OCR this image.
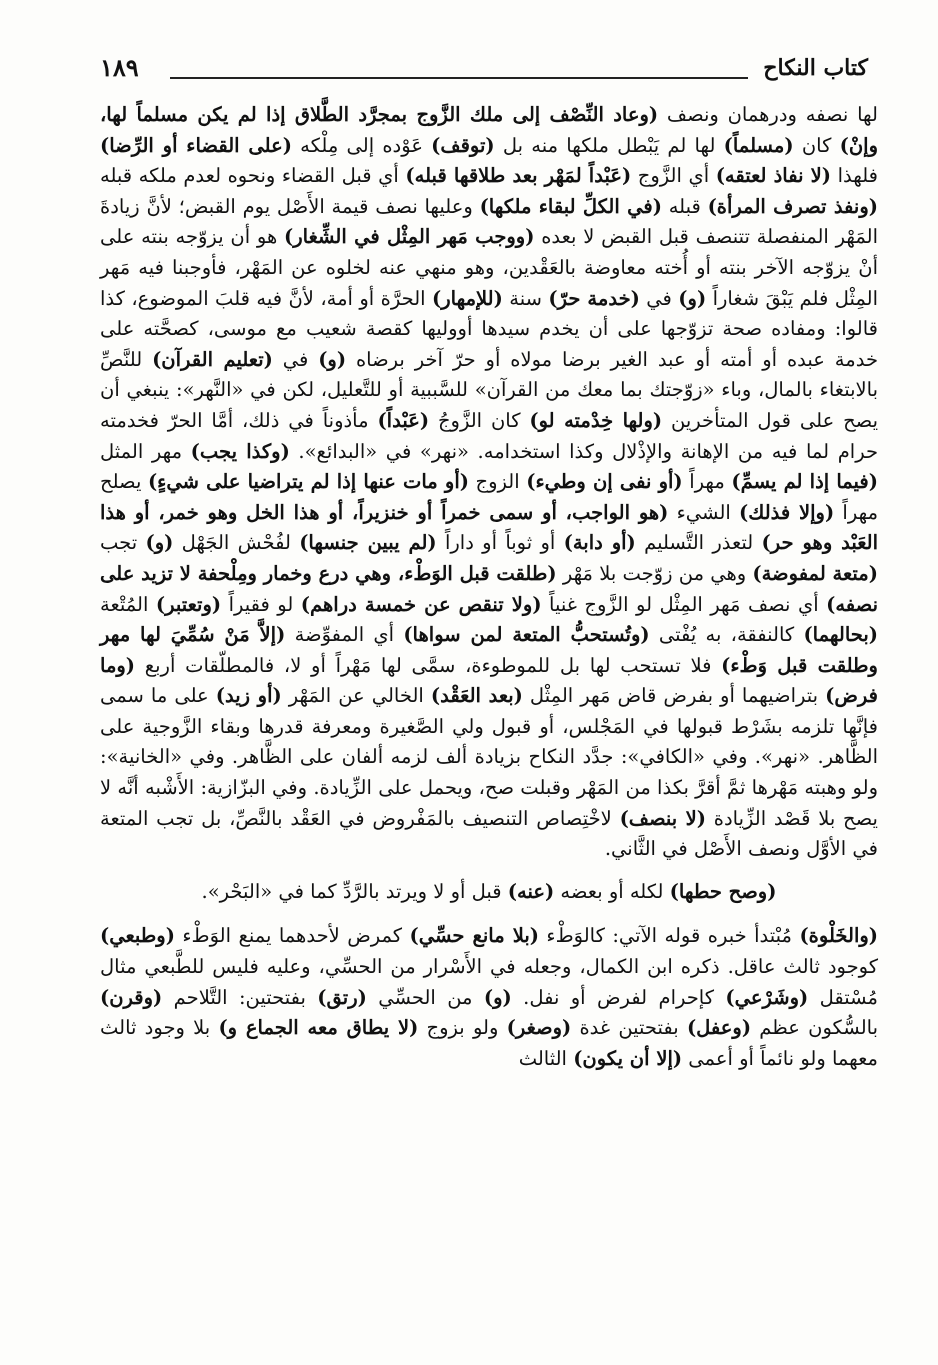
كتاب النكاح
١٨٩

لها نصفه ودرهمان ونصف (وعاد النِّصْف إلى ملك الزَّوج بمجرَّد الطَّلاق إذا لم يكن مسلماً لها، وإنْ) كان (مسلماً) لها لم يَبْطل ملكها منه بل (توقف) عَوْده إلى مِلْكه (على القضاء أو الرِّضا) فلهذا (لا نفاذ لعتقه) أي الزَّوج (عَبْداً لمَهْر بعد طلاقها قبله) أي قبل القضاء ونحوه لعدم ملكه قبله (ونفذ تصرف المرأة) قبله (في الكلِّ لبقاء ملكها) وعليها نصف قيمة الأَصْل يوم القبض؛ لأنَّ زيادةَ المَهْر المنفصلة تتنصف قبل القبض لا بعده (ووجب مَهر المِثْل في الشِّغار) هو أن يزوّجه بنته على أنْ يزوّجه الآخر بنته أو أُخته معاوضة بالعَقْدين، وهو منهي عنه لخلوه عن المَهْر، فأوجبنا فيه مَهر المِثْل فلم يَبْقَ شغاراً (و) في (خدمة حرّ) سنة (للإمهار) الحرَّة أو أمة، لأنَّ فيه قلبَ الموضوع، كذا قالوا: ومفاده صحة تزوّجها على أن يخدم سيدها أووليها كقصة شعيب مع موسى، كصحَّته على خدمة عبده أو أمته أو عبد الغير برضا مولاه أو حرّ آخر برضاه (و) في (تعليم القرآن) للنَّصِّ بالابتغاء بالمال، وباء «زوّجتك بما معك من القرآن» للسَّببية أو للتَّعليل، لكن في «النَّهر»: ينبغي أن يصح على قول المتأخرين (ولها خِدْمته لو) كان الزَّوجُ (عَبْداً) مأذوناً في ذلك، أمَّا الحرّ فخدمته حرام لما فيه من الإهانة والإذْلال وكذا استخدامه. «نهر» في «البدائع». (وكذا يجب) مهر المثل (فيما إذا لم يسمِّ) مهراً (أو نفى إن وطيء) الزوج (أو مات عنها إذا لم يتراضيا على شيءٍ) يصلح مهراً (وإلا فذلك) الشيء (هو الواجب، أو سمى خمراً أو خنزيراً، أو هذا الخل وهو خمر، أو هذا العَبْد وهو حر) لتعذر التَّسليم (أو دابة) أو ثوباً أو داراً (لم يبين جنسها) لفُحْش الجَهْل (و) تجب (متعة لمفوضة) وهي من زوّجت بلا مَهْر (طلقت قبل الوَطْء، وهي درع وخمار ومِلْحفة لا تزيد على نصفه) أي نصف مَهر المِثْل لو الزَّوج غنياً (ولا تنقص عن خمسة دراهم) لو فقيراً (وتعتبر) المُتْعة (بحالهما) كالنفقة، به يُفْتى (وتُستحبُّ المتعة لمن سواها) أي المفوِّضة (إلاَّ مَنْ سُمِّيَ لها مهر وطلقت قبل وَطْء) فلا تستحب لها بل للموطوءة، سمَّى لها مَهْراً أو لا، فالمطلّقات أربع (وما فرض) بتراضيهما أو بفرض قاض مَهر المِثْل (بعد العَقْد) الخالي عن المَهْر (أو زيد) على ما سمى فإنَّها تلزمه بشَرْط قبولها في المَجْلس، أو قبول ولي الصَّغيرة ومعرفة قدرها وبقاء الزَّوجية على الظَّاهر. «نهر». وفي «الكافي»: جدَّد النكاح بزيادة ألف لزمه ألفان على الظَّاهر. وفي «الخانية»: ولو وهبته مَهْرها ثمَّ أقرَّ بكذا من المَهْر وقبلت صح، ويحمل على الزِّيادة. وفي البزّازية: الأَشْبه أنَّه لا يصح بلا قَصْد الزِّيادة (لا بنصف) لاخْتِصاص التنصيف بالمَفْروض في العَقْد بالنَّصِّ، بل تجب المتعة في الأوَّل ونصف الأَصْل في الثَّاني.

(وصح حطها) لكله أو بعضه (عنه) قبل أو لا ويرتد بالرَّدِّ كما في «البَحْر».

(والخَلْوة) مُبْتدأ خبره قوله الآتي: كالوَطْء (بلا مانع حسِّي) كمرض لأحدهما يمنع الوَطْء (وطبعي) كوجود ثالث عاقل. ذكره ابن الكمال، وجعله في الأَسْرار من الحسِّي، وعليه فليس للطَّبعي مثال مُسْتقل (وشَرْعي) كإحرام لفرض أو نفل. (و) من الحسِّي (رتق) بفتحتين: التَّلاحم (وقرن) بالسُّكون عظم (وعفل) بفتحتين غدة (وصغر) ولو بزوج (لا يطاق معه الجماع و) بلا وجود ثالث معهما ولو نائماً أو أعمى (إلا أن يكون) الثالث
